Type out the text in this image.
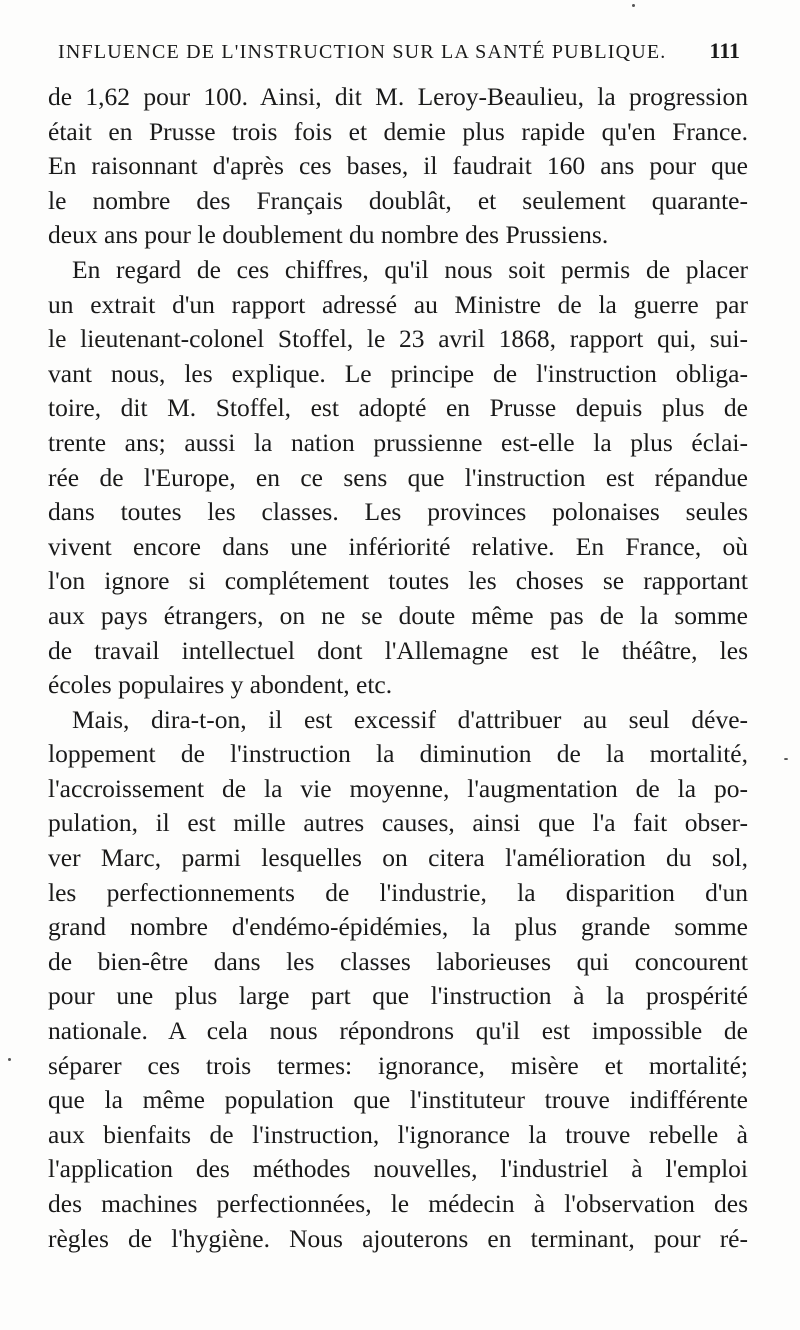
INFLUENCE DE L'INSTRUCTION SUR LA SANTÉ PUBLIQUE. 111
de 1,62 pour 100. Ainsi, dit M. Leroy-Beaulieu, la progression
était en Prusse trois fois et demie plus rapide qu'en France.
En raisonnant d'après ces bases, il faudrait 160 ans pour que
le nombre des Français doublât, et seulement quarante-
deux ans pour le doublement du nombre des Prussiens.
En regard de ces chiffres, qu'il nous soit permis de placer
un extrait d'un rapport adressé au Ministre de la guerre par
le lieutenant-colonel Stoffel, le 23 avril 1868, rapport qui, sui-
vant nous, les explique. Le principe de l'instruction obliga-
toire, dit M. Stoffel, est adopté en Prusse depuis plus de
trente ans; aussi la nation prussienne est-elle la plus éclai-
rée de l'Europe, en ce sens que l'instruction est répandue
dans toutes les classes. Les provinces polonaises seules
vivent encore dans une infériorité relative. En France, où
l'on ignore si complétement toutes les choses se rapportant
aux pays étrangers, on ne se doute même pas de la somme
de travail intellectuel dont l'Allemagne est le théâtre, les
écoles populaires y abondent, etc.
Mais, dira-t-on, il est excessif d'attribuer au seul déve-
loppement de l'instruction la diminution de la mortalité,
l'accroissement de la vie moyenne, l'augmentation de la po-
pulation, il est mille autres causes, ainsi que l'a fait obser-
ver Marc, parmi lesquelles on citera l'amélioration du sol,
les perfectionnements de l'industrie, la disparition d'un
grand nombre d'endémo-épidémies, la plus grande somme
de bien-être dans les classes laborieuses qui concourent
pour une plus large part que l'instruction à la prospérité
nationale. A cela nous répondrons qu'il est impossible de
séparer ces trois termes: ignorance, misère et mortalité;
que la même population que l'instituteur trouve indifférente
aux bienfaits de l'instruction, l'ignorance la trouve rebelle à
l'application des méthodes nouvelles, l'industriel à l'emploi
des machines perfectionnées, le médecin à l'observation des
règles de l'hygiène. Nous ajouterons en terminant, pour ré-
